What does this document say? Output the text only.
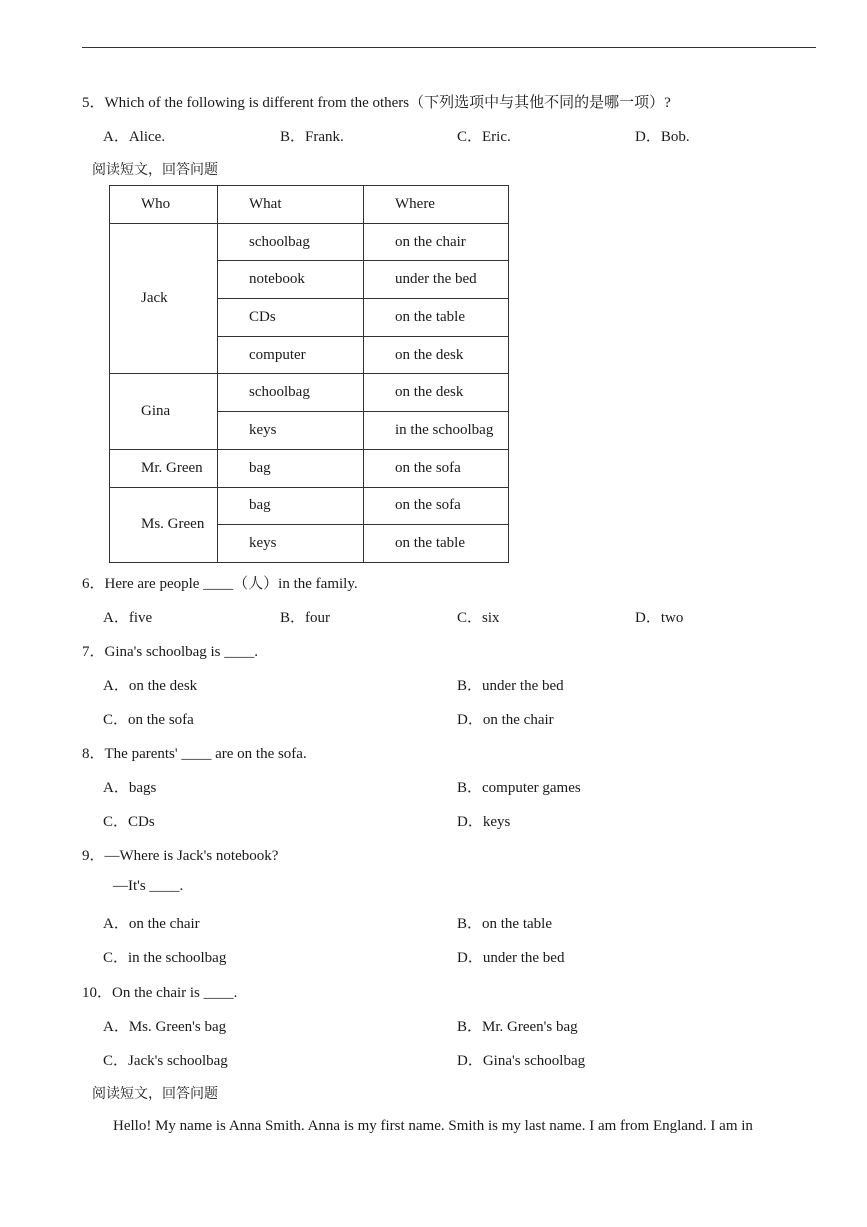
5．Which of the following is different from the others（下列选项中与其他不同的是哪一项）?
A．Alice.	B．Frank.	C．Eric.	D．Bob.
阅读短文，回答问题
Who	What	Where
Jack	schoolbag	on the chair
	notebook	under the bed
	CDs	on the table
	computer	on the desk
Gina	schoolbag	on the desk
	keys	in the schoolbag
Mr. Green	bag	on the sofa
Ms. Green	bag	on the sofa
	keys	on the table
6．Here are people ____（人）in the family.
A．five	B．four	C．six	D．two
7．Gina's schoolbag is ____.
A．on the desk	B．under the bed
C．on the sofa	D．on the chair
8．The parents' ____ are on the sofa.
A．bags	B．computer games
C．CDs	D．keys
9．—Where is Jack's notebook?
—It's ____.
A．on the chair	B．on the table
C．in the schoolbag	D．under the bed
10．On the chair is ____.
A．Ms. Green's bag	B．Mr. Green's bag
C．Jack's schoolbag	D．Gina's schoolbag
阅读短文，回答问题
Hello! My name is Anna Smith. Anna is my first name. Smith is my last name. I am from England. I am in
